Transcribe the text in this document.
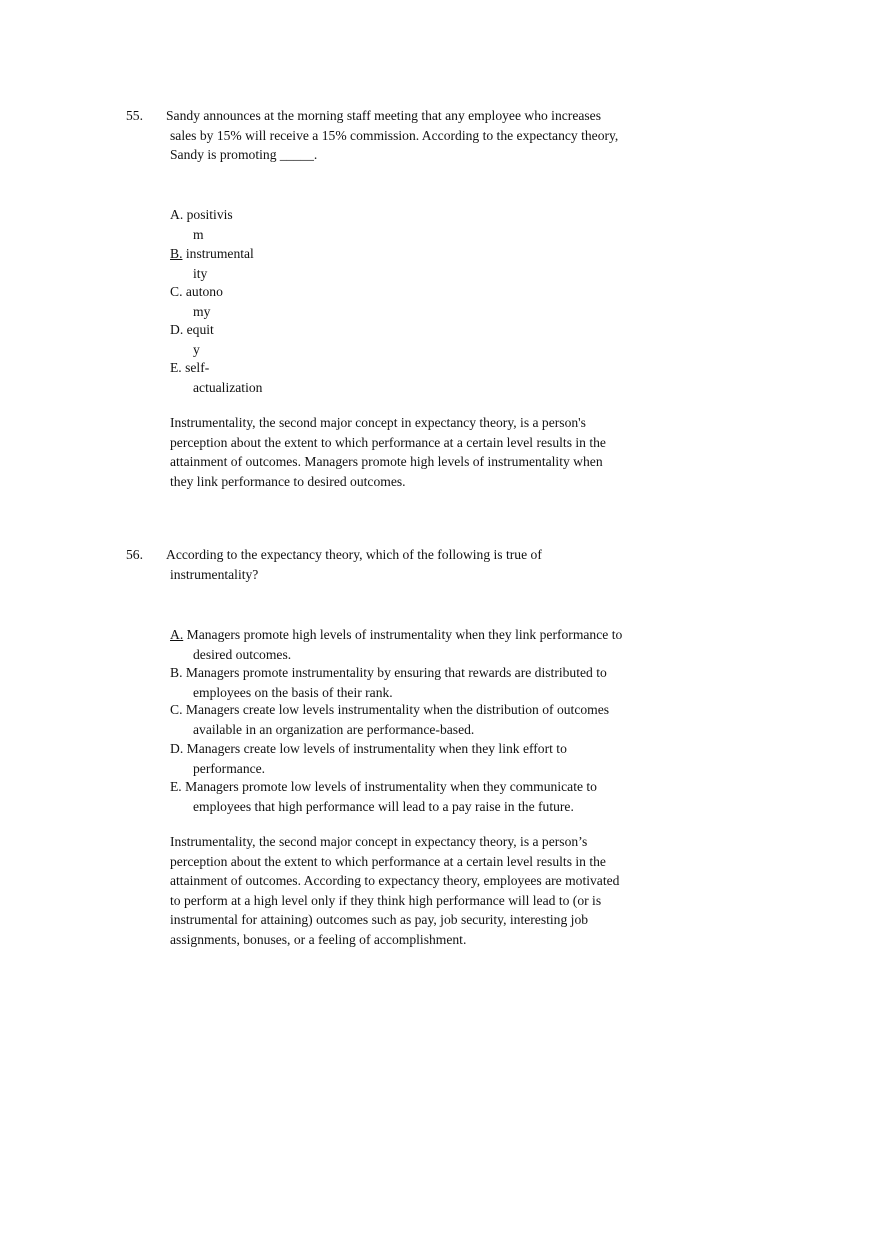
55.	Sandy announces at the morning staff meeting that any employee who increases
sales by 15% will receive a 15% commission. According to the expectancy theory,
Sandy is promoting _____.
A. positivis
m
B. instrumental
ity
C. autono
my
D. equit
y
E. self-
actualization
Instrumentality, the second major concept in expectancy theory, is a person's
perception about the extent to which performance at a certain level results in the
attainment of outcomes. Managers promote high levels of instrumentality when
they link performance to desired outcomes.
56.	According to the expectancy theory, which of the following is true of
instrumentality?
A. Managers promote high levels of instrumentality when they link performance to
desired outcomes.
B. Managers promote instrumentality by ensuring that rewards are distributed to
employees on the basis of their rank.
C. Managers create low levels instrumentality when the distribution of outcomes
available in an organization are performance-based.
D. Managers create low levels of instrumentality when they link effort to
performance.
E. Managers promote low levels of instrumentality when they communicate to
employees that high performance will lead to a pay raise in the future.
Instrumentality, the second major concept in expectancy theory, is a person’s
perception about the extent to which performance at a certain level results in the
attainment of outcomes. According to expectancy theory, employees are motivated
to perform at a high level only if they think high performance will lead to (or is
instrumental for attaining) outcomes such as pay, job security, interesting job
assignments, bonuses, or a feeling of accomplishment.
